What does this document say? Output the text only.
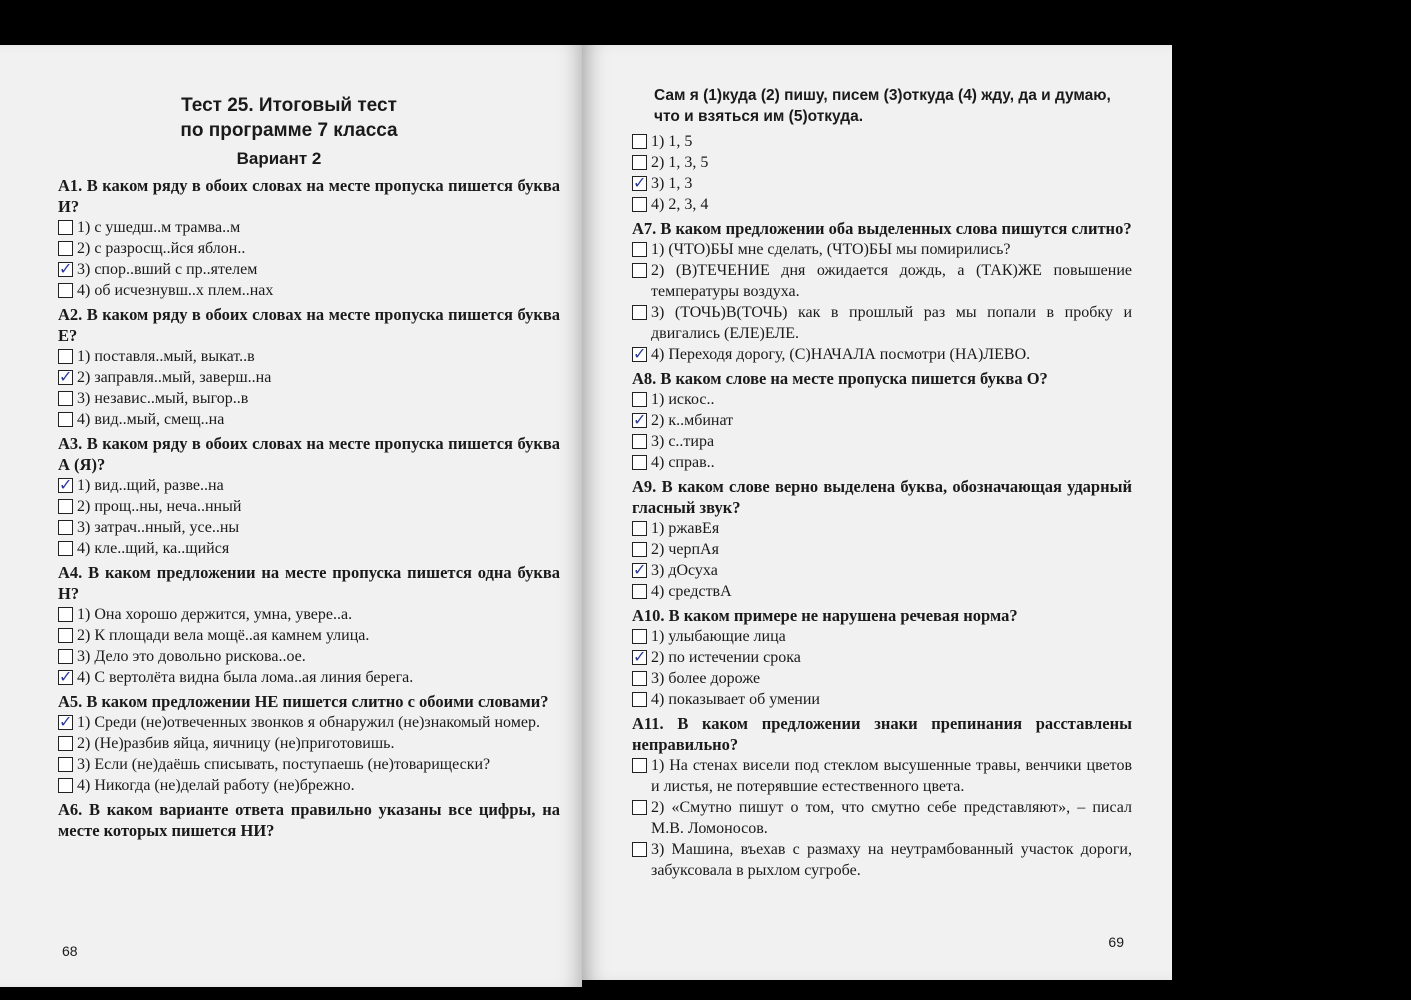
Тест 25. Итоговый тест
по программе 7 класса
Вариант 2
А1. В каком ряду в обоих словах на месте пропуска пишется буква И?
1) с ушедш..м трамва..м
2) с разросщ..йся яблон..
✓
3) спор..вший с пр..ятелем
4) об исчезнувш..х плем..нах
А2. В каком ряду в обоих словах на месте пропуска пишется буква Е?
1) поставля..мый, выкат..в
✓
2) заправля..мый, заверш..на
3) независ..мый, выгор..в
4) вид..мый, смещ..на
А3. В каком ряду в обоих словах на месте пропуска пишется буква А (Я)?
✓
1) вид..щий, разве..на
2) прощ..ны, неча..нный
3) затрач..нный, усе..ны
4) кле..щий, ка..щийся
А4. В каком предложении на месте пропуска пишется одна буква Н?
1) Она хорошо держится, умна, увере..а.
2) К площади вела мощё..ая камнем улица.
3) Дело это довольно рискова..ое.
✓
4) С вертолёта видна была лома..ая линия берега.
А5. В каком предложении НЕ пишется слитно с обоими словами?
✓
1) Среди (не)отвеченных звонков я обнаружил (не)знакомый номер.
2) (Не)разбив яйца, яичницу (не)приготовишь.
3) Если (не)даёшь списывать, поступаешь (не)товарищески?
4) Никогда (не)делай работу (не)брежно.
А6. В каком варианте ответа правильно указаны все цифры, на месте которых пишется НИ?
68
Сам я (1)куда (2) пишу, писем (3)откуда (4) жду, да и думаю, что и взяться им (5)откуда.
1) 1, 5
2) 1, 3, 5
✓
3) 1, 3
4) 2, 3, 4
А7. В каком предложении оба выделенных слова пишутся слитно?
1) (ЧТО)БЫ мне сделать, (ЧТО)БЫ мы помирились?
2) (В)ТЕЧЕНИЕ дня ожидается дождь, а (ТАК)ЖЕ повышение температуры воздуха.
3) (ТОЧЬ)В(ТОЧЬ) как в прошлый раз мы попали в пробку и двигались (ЕЛЕ)ЕЛЕ.
✓
4) Переходя дорогу, (С)НАЧАЛА посмотри (НА)ЛЕВО.
А8. В каком слове на месте пропуска пишется буква О?
1) искос..
✓
2) к..мбинат
3) с..тира
4) справ..
А9. В каком слове верно выделена буква, обозначающая ударный гласный звук?
1) ржавЕя
2) черпАя
✓
3) дОсуха
4) средствА
А10. В каком примере не нарушена речевая норма?
1) улыбающие лица
✓
2) по истечении срока
3) более дороже
4) показывает об умении
А11. В каком предложении знаки препинания расставлены неправильно?
1) На стенах висели под стеклом высушенные травы, венчики цветов и листья, не потерявшие естественного цвета.
2) «Смутно пишут о том, что смутно себе представляют», – писал М.В. Ломоносов.
3) Машина, въехав с размаху на неутрамбованный участок дороги, забуксовала в рыхлом сугробе.
69
